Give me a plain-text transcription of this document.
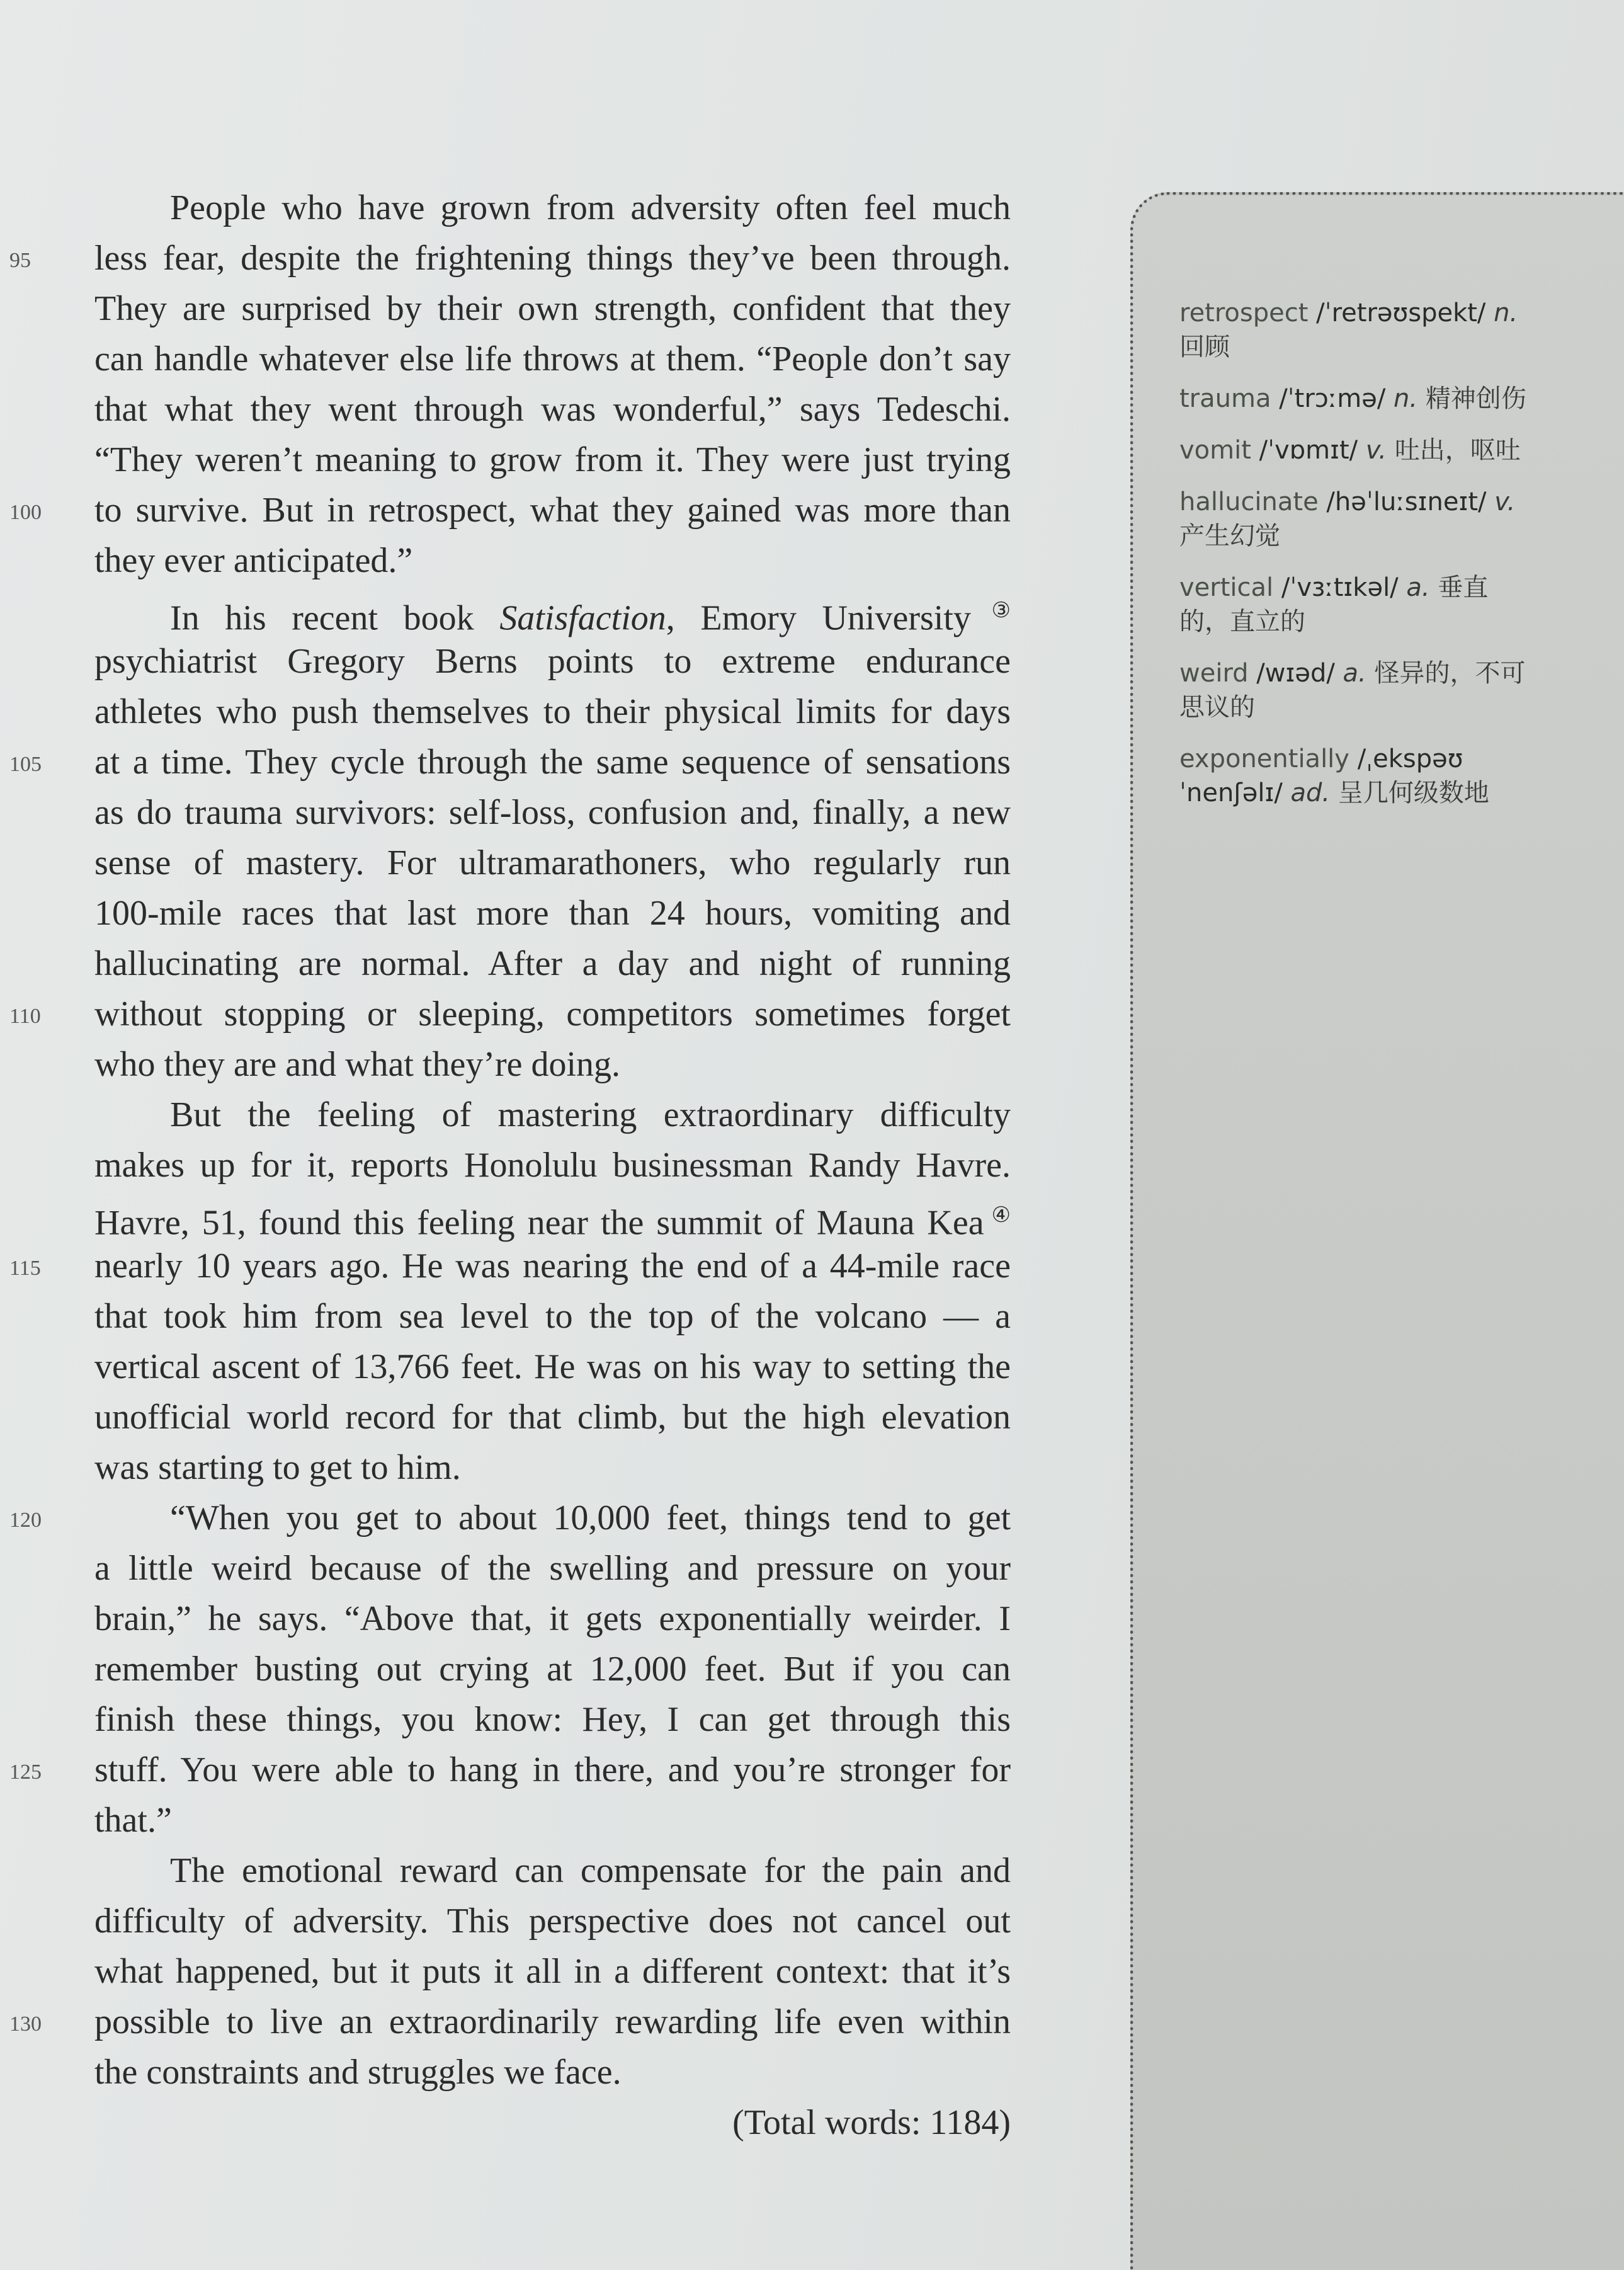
People who have grown from adversity often feel much
95	less fear, despite the frightening things they’ve been through.
They are surprised by their own strength, confident that they
can handle whatever else life throws at them. “People don’t say
that what they went through was wonderful,” says Tedeschi.
“They weren’t meaning to grow from it. They were just trying
100	to survive. But in retrospect, what they gained was more than
they ever anticipated.”
In his recent book Satisfaction, Emory University ③
psychiatrist Gregory Berns points to extreme endurance
athletes who push themselves to their physical limits for days
105	at a time. They cycle through the same sequence of sensations
as do trauma survivors: self-loss, confusion and, finally, a new
sense of mastery. For ultramarathoners, who regularly run
100-mile races that last more than 24 hours, vomiting and
hallucinating are normal. After a day and night of running
110	without stopping or sleeping, competitors sometimes forget
who they are and what they’re doing.
But the feeling of mastering extraordinary difficulty
makes up for it, reports Honolulu businessman Randy Havre.
Havre, 51, found this feeling near the summit of Mauna Kea ④
115	nearly 10 years ago. He was nearing the end of a 44-mile race
that took him from sea level to the top of the volcano — a
vertical ascent of 13,766 feet. He was on his way to setting the
unofficial world record for that climb, but the high elevation
was starting to get to him.
120	“When you get to about 10,000 feet, things tend to get
a little weird because of the swelling and pressure on your
brain,” he says. “Above that, it gets exponentially weirder. I
remember busting out crying at 12,000 feet. But if you can
finish these things, you know: Hey, I can get through this
125	stuff. You were able to hang in there, and you’re stronger for
that.”
The emotional reward can compensate for the pain and
difficulty of adversity. This perspective does not cancel out
what happened, but it puts it all in a different context: that it’s
130	possible to live an extraordinarily rewarding life even within
the constraints and struggles we face.
(Total words: 1184)
retrospect /ˈretrəʊspekt/ n. 回顾
trauma /ˈtrɔːmə/ n. 精神创伤
vomit /ˈvɒmɪt/ v. 吐出，呕吐
hallucinate /həˈluːsɪneɪt/ v. 产生幻觉
vertical /ˈvɜːtɪkəl/ a. 垂直的，直立的
weird /wɪəd/ a. 怪异的，不可思议的
exponentially /ˌekspəʊˈnenʃəlɪ/ ad. 呈几何级数地
